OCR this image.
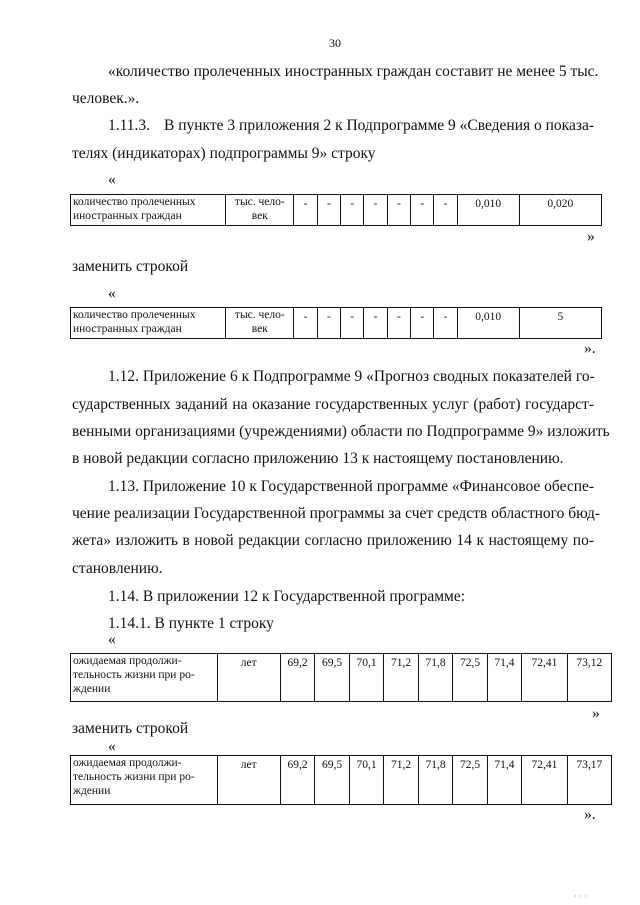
30
«количество пролеченных иностранных граждан составит не менее 5 тыс.
человек.».
1.11.3. В пункте 3 приложения 2 к Подпрограмме 9 «Сведения о показа-
телях (индикаторах) подпрограммы 9» строку
«
количество пролеченных
иностранных граждан

тыс. чело-
век
	-	-	-	-	-	-	-	0,010	0,020
»
заменить строкой
«
количество пролеченных
иностранных граждан

тыс. чело-
век
	-	-	-	-	-	-	-	0,010	5
».
1.12. Приложение 6 к Подпрограмме 9 «Прогноз сводных показателей го-
сударственных заданий на оказание государственных услуг (работ) государст-
венными организациями (учреждениями) области по Подпрограмме 9» изложить
в новой редакции согласно приложению 13 к настоящему постановлению.
1.13. Приложение 10 к Государственной программе «Финансовое обеспе-
чение реализации Государственной программы за счет средств областного бюд-
жета» изложить в новой редакции согласно приложению 14 к настоящему по-
становлению.
1.14. В приложении 12 к Государственной программе:
1.14.1. В пункте 1 строку
«
ожидаемая продолжи-
тельность жизни при ро-
ждении
	лет	69,2	69,5	70,1	71,2	71,8	72,5	71,4	72,41	73,12
»
заменить строкой
«
ожидаемая продолжи-
тельность жизни при ро-
ждении
	лет	69,2	69,5	70,1	71,2	71,8	72,5	71,4	72,41	73,17
».
· · ·
